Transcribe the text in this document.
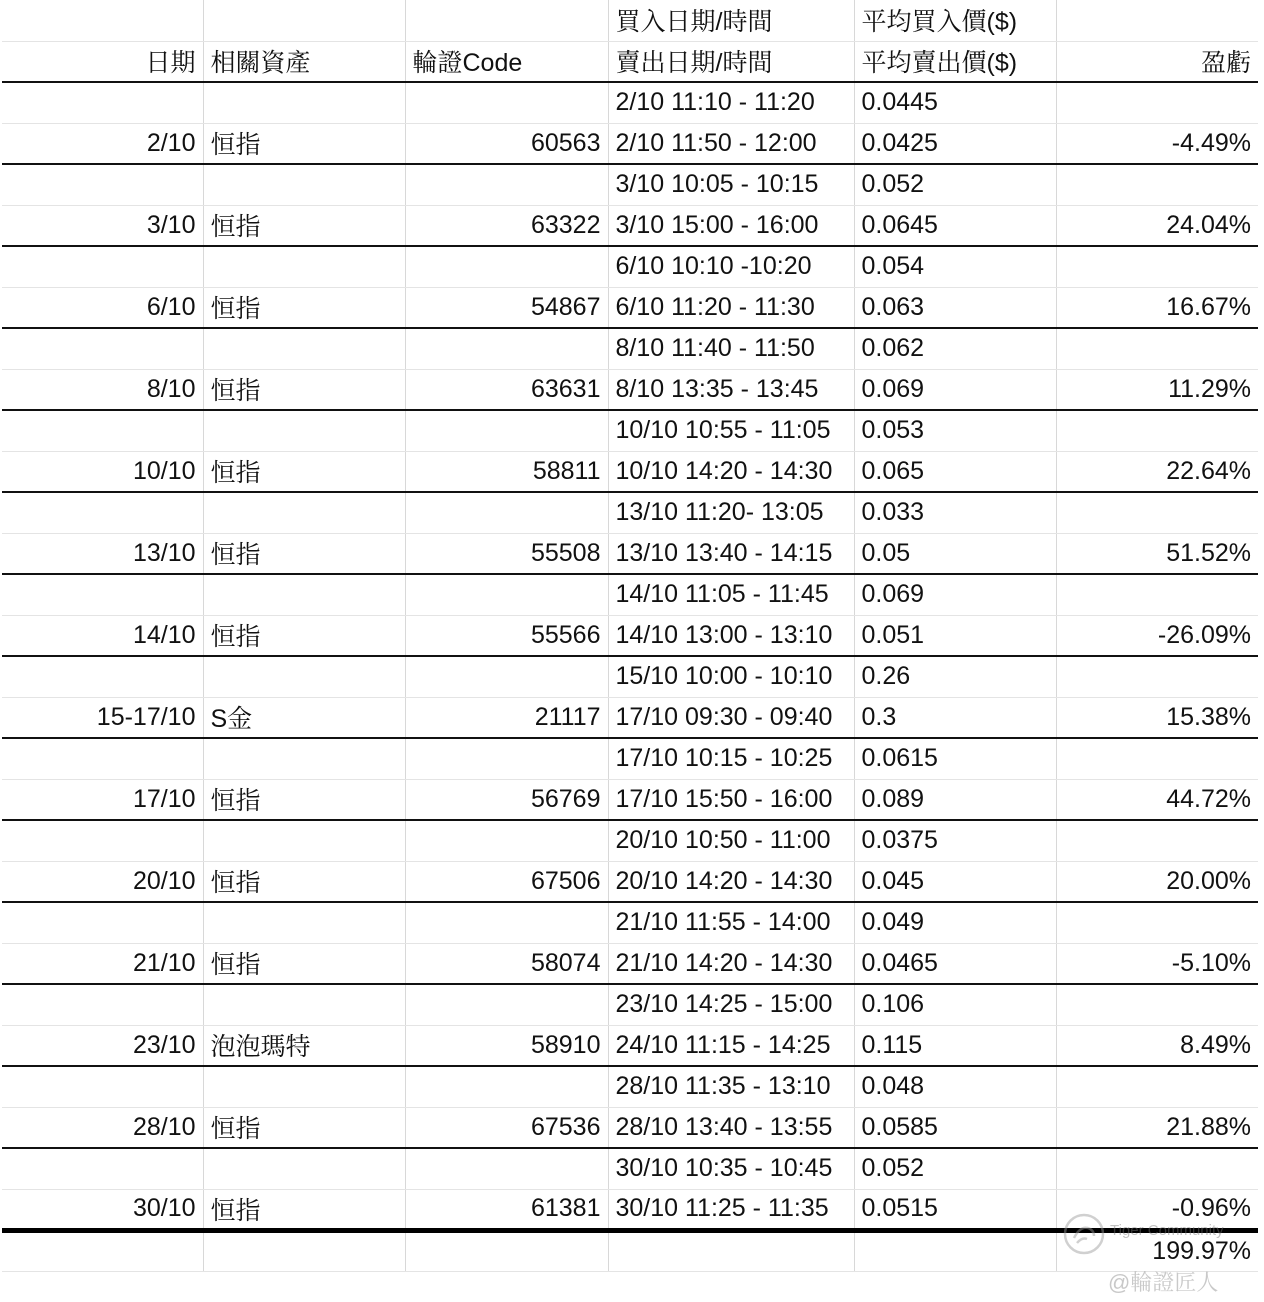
			買入日期/時間	平均買入價($)	
日期	相關資產	輪證Code	賣出日期/時間	平均賣出價($)	盈虧
			2/10 11:10 - 11:20	0.0445	
2/10	恒指	60563	2/10 11:50 - 12:00	0.0425	-4.49%
			3/10 10:05 - 10:15	0.052	
3/10	恒指	63322	3/10 15:00 - 16:00	0.0645	24.04%
			6/10 10:10 -10:20	0.054	
6/10	恒指	54867	6/10 11:20 - 11:30	0.063	16.67%
			8/10 11:40 - 11:50	0.062	
8/10	恒指	63631	8/10 13:35 - 13:45	0.069	11.29%
			10/10 10:55 - 11:05	0.053	
10/10	恒指	58811	10/10 14:20 - 14:30	0.065	22.64%
			13/10 11:20- 13:05	0.033	
13/10	恒指	55508	13/10 13:40 - 14:15	0.05	51.52%
			14/10 11:05 - 11:45	0.069	
14/10	恒指	55566	14/10 13:00 - 13:10	0.051	-26.09%
			15/10 10:00 - 10:10	0.26	
15-17/10	S金	21117	17/10 09:30 - 09:40	0.3	15.38%
			17/10 10:15 - 10:25	0.0615	
17/10	恒指	56769	17/10 15:50 - 16:00	0.089	44.72%
			20/10 10:50 - 11:00	0.0375	
20/10	恒指	67506	20/10 14:20 - 14:30	0.045	20.00%
			21/10 11:55 - 14:00	0.049	
21/10	恒指	58074	21/10 14:20 - 14:30	0.0465	-5.10%
			23/10 14:25 - 15:00	0.106	
23/10	泡泡瑪特	58910	24/10 11:15 - 14:25	0.115	8.49%
			28/10 11:35 - 13:10	0.048	
28/10	恒指	67536	28/10 13:40 - 13:55	0.0585	21.88%
			30/10 10:35 - 10:45	0.052	
30/10	恒指	61381	30/10 11:25 - 11:35	0.0515	-0.96%
					199.97%
Tiger Community
@輪證匠人
